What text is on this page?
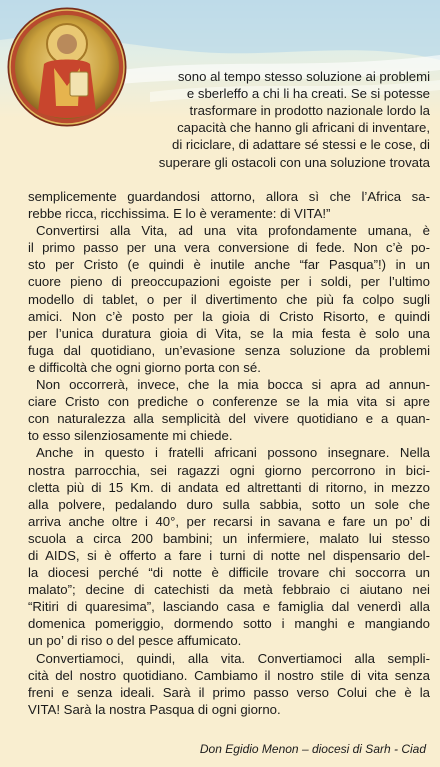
sono al tempo stesso soluzione ai problemi
e sberleffo a chi li ha creati. Se si potesse
trasformare in prodotto nazionale lordo la
capacità che hanno gli africani di inventare,
di riciclare, di adattare sé stessi e le cose, di
superare gli ostacoli con una soluzione trovata
semplicemente guardandosi attorno, allora sì che l’Africa sa-
rebbe ricca, ricchissima. E lo è veramente: di VITA!”
Convertirsi alla Vita, ad una vita profondamente umana, è
il primo passo per una vera conversione di fede. Non c’è po-
sto per Cristo (e quindi è inutile anche “far Pasqua”!) in un
cuore pieno di preoccupazioni egoiste per i soldi, per l’ultimo
modello di tablet, o per il divertimento che più fa colpo sugli
amici. Non c’è posto per la gioia di Cristo Risorto, e quindi
per l’unica duratura gioia di Vita, se la mia festa è solo una
fuga dal quotidiano, un’evasione senza soluzione da problemi
e difficoltà che ogni giorno porta con sé.
Non occorrerà, invece, che la mia bocca si apra ad annun-
ciare Cristo con prediche o conferenze se la mia vita si apre
con naturalezza alla semplicità del vivere quotidiano e a quan-
to esso silenziosamente mi chiede.
Anche in questo i fratelli africani possono insegnare. Nella
nostra parrocchia, sei ragazzi ogni giorno percorrono in bici-
cletta più di 15 Km. di andata ed altrettanti di ritorno, in mezzo
alla polvere, pedalando duro sulla sabbia, sotto un sole che
arriva anche oltre i 40°, per recarsi in savana e fare un po’ di
scuola a circa 200 bambini; un infermiere, malato lui stesso
di AIDS, si è offerto a fare i turni di notte nel dispensario del-
la diocesi perché “di notte è difficile trovare chi soccorra un
malato”; decine di catechisti da metà febbraio ci aiutano nei
“Ritiri di quaresima”, lasciando casa e famiglia dal venerdì alla
domenica pomeriggio, dormendo sotto i manghi e mangiando
un po’ di riso o del pesce affumicato.
Convertiamoci, quindi, alla vita. Convertiamoci alla sempli-
cità del nostro quotidiano. Cambiamo il nostro stile di vita senza
freni e senza ideali. Sarà il primo passo verso Colui che è la
VITA! Sarà la nostra Pasqua di ogni giorno.
Don Egidio Menon – diocesi di Sarh - Ciad
